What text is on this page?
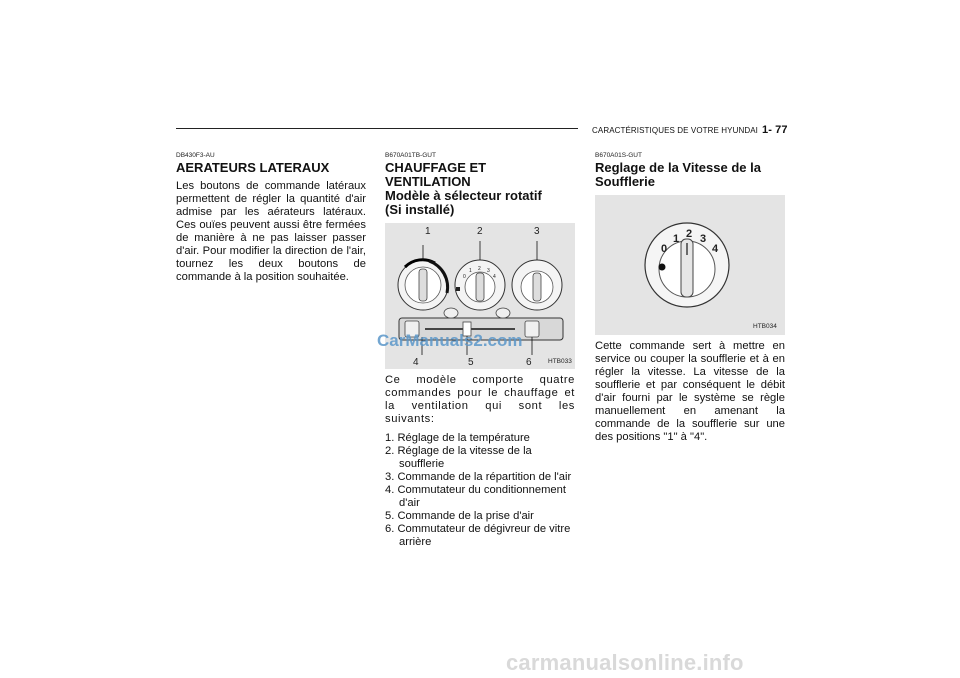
CARACTÉRISTIQUES DE VOTRE HYUNDAI 1- 77
DB430F3-AU
AERATEURS LATERAUX

Les boutons de commande latéraux permettent de régler la quantité d'air admise par les aérateurs latéraux. Ces ouïes peuvent aussi être fermées de manière à ne pas laisser passer d'air. Pour modifier la direction de l'air, tournez les deux boutons de commande à la position souhaitée.

B670A01TB-GUT
CHAUFFAGE ET VENTILATION
Modèle à sélecteur rotatif
(Si installé)
1	2	3
4	5	6
0
1 2 3
4
HTB033

Ce modèle comporte quatre commandes pour le chauffage et la ventilation qui sont les suivants:

1. Réglage de la température
2. Réglage de la vitesse de la soufflerie
3. Commande de la répartition de l'air
4. Commutateur du conditionnement d'air
5. Commande de la prise d'air
6. Commutateur de dégivreur de vitre arrière
B670A01S-GUT
Reglage de la Vitesse de la Soufflerie
0
1 2 3
4
HTB034

Cette commande sert à mettre en service ou couper la soufflerie et à en régler la vitesse. La vitesse de la soufflerie et par conséquent le débit d'air fourni par le système se règle manuellement en amenant la commande de la soufflerie sur une des positions "1" à "4".

CarManuals2.com
carmanualsonline.info
